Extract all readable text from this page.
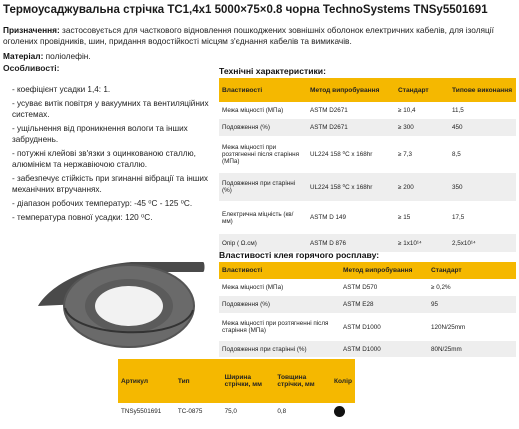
Термоусаджувальна стрічка ТС1,4х1 5000×75×0.8 чорна TechnoSystems TNSy5501691
Призначення: застосовується для часткового відновлення пошкоджених зовнішніх оболонок електричних кабелів, для ізоляції оголених провідників, шин, придання водостійкості місцям з'єднання кабелів та вимикачів.
Матеріал: поліолефін.
Особливості:
- коефіцієнт усадки 1,4: 1.
- усуває витік повітря у вакуумних та вентиляційних системах.
- ущільнення від проникнення вологи та інших забруднень.
- потужні клейові зв'язки з оцинкованою сталлю, алюмінієм та нержавіючою сталлю.
- забезпечує стійкість при згинанні вібрації та інших механічних втручаннях.
- діапазон робочих температур: -45 ⁰С - 125 ⁰С.
- температура повної усадки: 120 ⁰С.
Технічні характеристики:
Властивості	Метод випробування	Стандарт	Типове виконання
Межа міцності (МПа)	ASTM D2671	≥ 10,4	11,5
Подовження (%)	ASTM D2671	≥ 300	450
Межа міцності при розтягненні після старіння (МПа)	UL224 158 ⁰С х 168hr	≥ 7,3	8,5
Подовження при старінні (%)	UL224 158 ⁰С х 168hr	≥ 200	350
Електрична міцність (кв/мм)	ASTM D 149	≥ 15	17,5
Опір ( Ω.cм)	ASTM D 876	≥ 1х10¹⁴	2,5х10¹⁴
Властивості клея горячого росплаву:
Властивості	Метод випробування	Стандарт
Межа міцності (МПа)	ASTM D570	≥ 0,2%
Подовження (%)	ASTM E28	95
Межа міцності при розтягненні після старіння (МПа)	ASTM D1000	120N/25mm
Подовження при старінні (%)	ASTM D1000	80N/25mm
Артикул	Тип	Ширина стрічки, мм	Товщина стрічки, мм	Колір
TNSy5501691	ТС-0875	75,0	0,8	
